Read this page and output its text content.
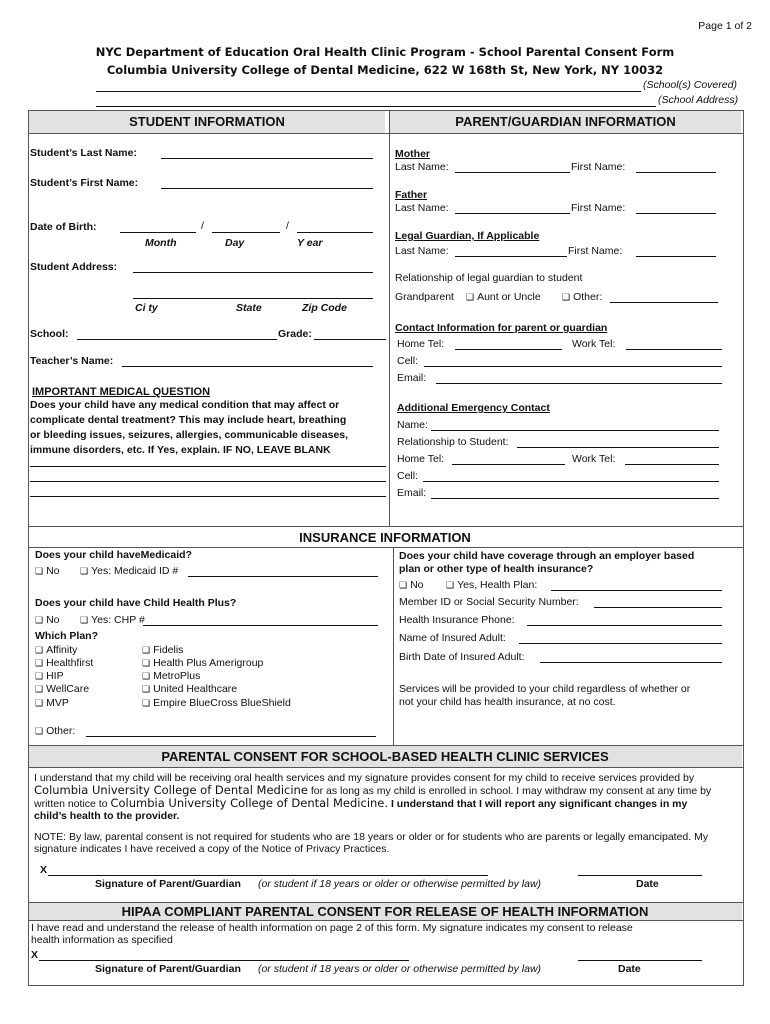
Page 1 of 2
NYC Department of Education Oral Health Clinic Program - School Parental Consent Form
Columbia University College of Dental Medicine, 622 W 168th St, New York, NY 10032
(School(s) Covered)
(School Address)
STUDENT INFORMATION	PARENT/GUARDIAN INFORMATION
Student’s Last Name:
Student’s First Name:
Date of Birth:	/	/
Month	Day	Y ear
Student Address:
Ci ty	State	Zip Code
School:	Grade:
Teacher’s Name:
IMPORTANT MEDICAL QUESTION
Does your child have any medical condition that may affect or
complicate dental treatment? This may include heart, breathing
or bleeding issues, seizures, allergies, communicable diseases,
immune disorders, etc. If Yes, explain. IF NO, LEAVE BLANK
Mother
Last Name:	First Name:
Father
Last Name:	First Name:
Legal Guardian, If Applicable
Last Name:	First Name:
Relationship of legal guardian to student
Grandparent	❑ Aunt or Uncle	❑ Other:
Contact Information for parent or guardian
Home Tel:	Work Tel:
Cell:
Email:
Additional Emergency Contact
Name:
Relationship to Student:
Home Tel:	Work Tel:
Cell:
Email:
INSURANCE INFORMATION
Does your child haveMedicaid?
❑ No	❑ Yes: Medicaid ID #
Does your child have Child Health Plus?
❑ No	❑ Yes: CHP #
Which Plan?
❑ Affinity
❑ Healthfirst
❑ HIP
❑ WellCare
❑ MVP
❑ Fidelis
❑ Health Plus Amerigroup
❑ MetroPlus
❑ United Healthcare
❑ Empire BlueCross BlueShield
❑ Other:
Does your child have coverage through an employer based
plan or other type of health insurance?
❑ No	❑ Yes, Health Plan:
Member ID or Social Security Number:
Health Insurance Phone:
Name of Insured Adult:
Birth Date of Insured Adult:
Services will be provided to your child regardless of whether or
not your child has health insurance, at no cost.
PARENTAL CONSENT FOR SCHOOL-BASED HEALTH CLINIC SERVICES
I understand that my child will be receiving oral health services and my signature provides consent for my child to receive services provided by
Columbia University College of Dental Medicine for as long as my child is enrolled in school. I may withdraw my consent at any time by
written notice to Columbia University College of Dental Medicine. I understand that I will report any significant changes in my
child’s health to the provider.
NOTE: By law, parental consent is not required for students who are 18 years or older or for students who are parents or legally emancipated. My
signature indicates I have received a copy of the Notice of Privacy Practices.
X
Signature of Parent/Guardian (or student if 18 years or older or otherwise permitted by law)	Date
HIPAA COMPLIANT PARENTAL CONSENT FOR RELEASE OF HEALTH INFORMATION
I have read and understand the release of health information on page 2 of this form. My signature indicates my consent to release
health information as specified
X
Signature of Parent/Guardian (or student if 18 years or older or otherwise permitted by law)	Date
